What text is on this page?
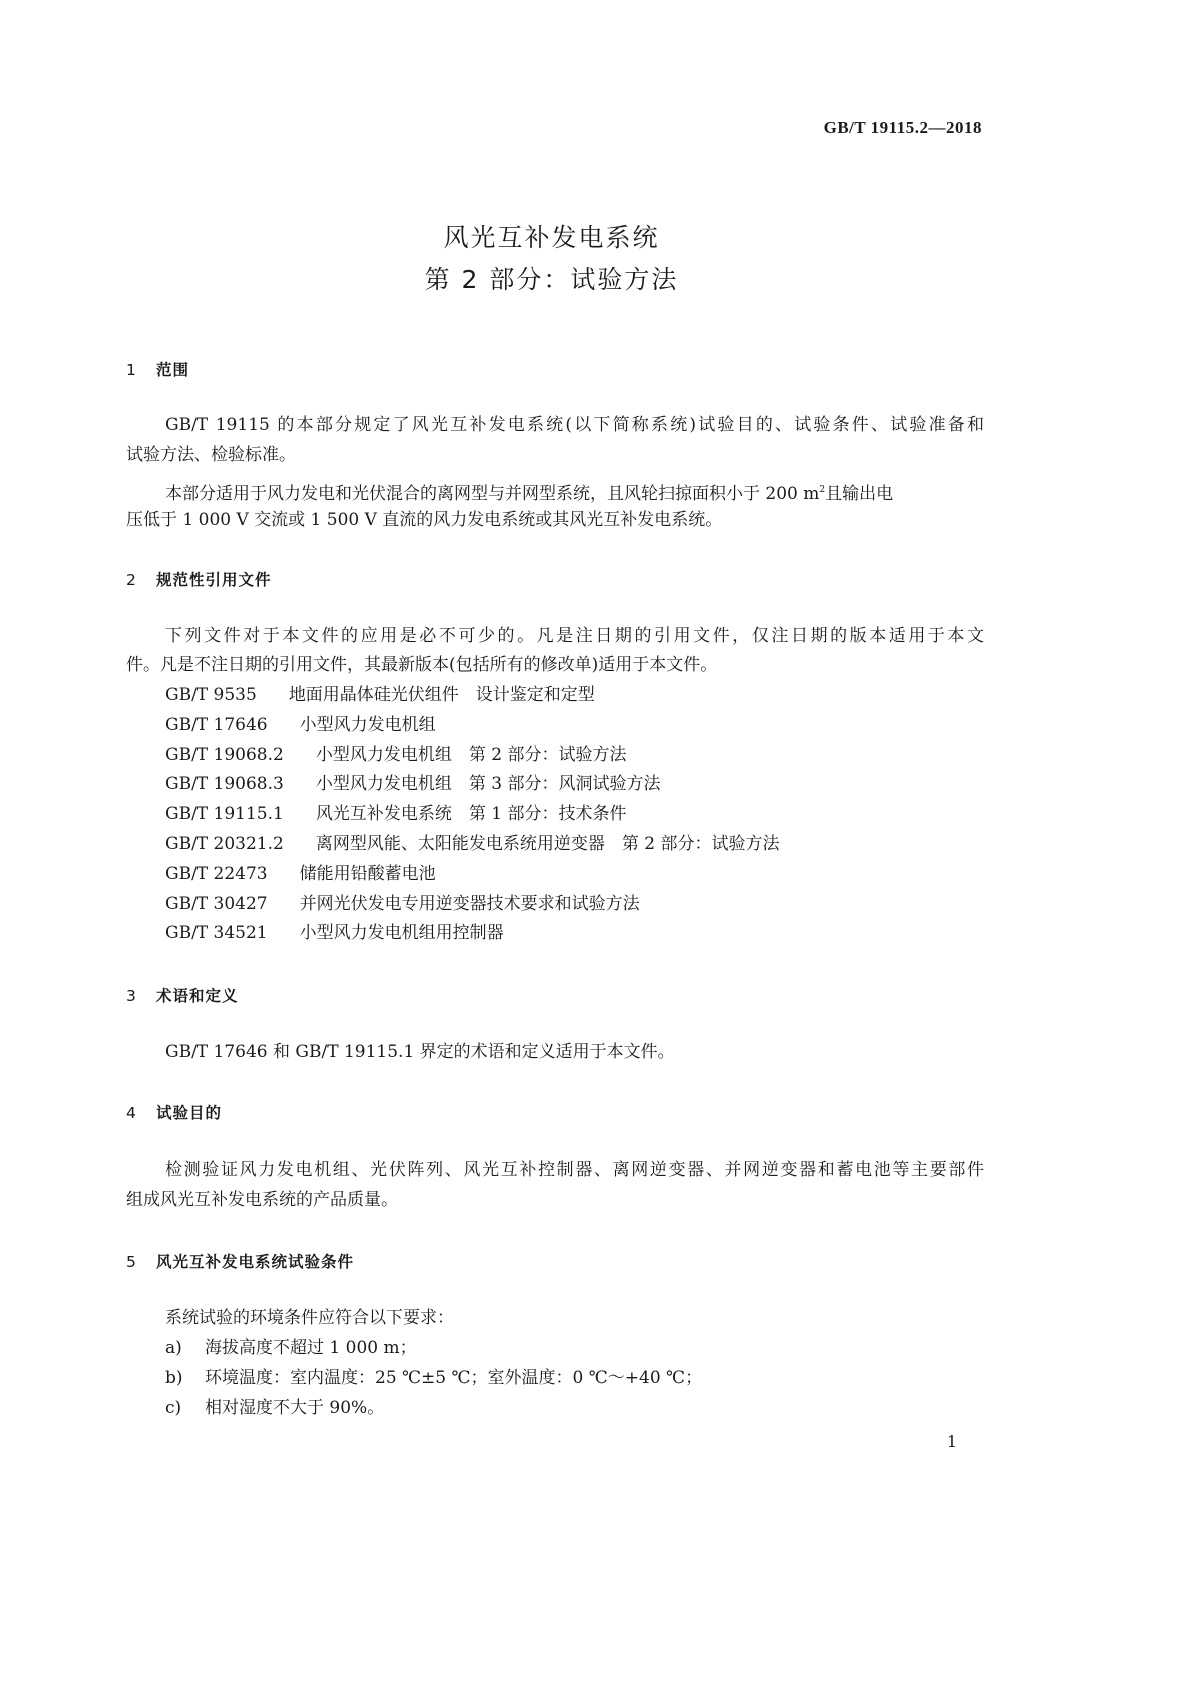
GB/T 19115.2—2018
风光互补发电系统
第 2 部分：试验方法
1 范围
GB/T 19115 的本部分规定了风光互补发电系统(以下简称系统)试验目的、试验条件、试验准备和
试验方法、检验标准。
本部分适用于风力发电和光伏混合的离网型与并网型系统，且风轮扫掠面积小于 200 $m^2$且输出电
压低于 1 000 V 交流或 1 500 V 直流的风力发电系统或其风光互补发电系统。
2 规范性引用文件
下列文件对于本文件的应用是必不可少的。凡是注日期的引用文件，仅注日期的版本适用于本文
件。凡是不注日期的引用文件，其最新版本(包括所有的修改单)适用于本文件。
GB/T 9535 地面用晶体硅光伏组件　设计鉴定和定型
GB/T 17646 小型风力发电机组
GB/T 19068.2 小型风力发电机组　第 2 部分：试验方法
GB/T 19068.3 小型风力发电机组　第 3 部分：风洞试验方法
GB/T 19115.1 风光互补发电系统　第 1 部分：技术条件
GB/T 20321.2 离网型风能、太阳能发电系统用逆变器　第 2 部分：试验方法
GB/T 22473 储能用铅酸蓄电池
GB/T 30427 并网光伏发电专用逆变器技术要求和试验方法
GB/T 34521 小型风力发电机组用控制器
3 术语和定义
GB/T 17646 和 GB/T 19115.1 界定的术语和定义适用于本文件。
4 试验目的
检测验证风力发电机组、光伏阵列、风光互补控制器、离网逆变器、并网逆变器和蓄电池等主要部件
组成风光互补发电系统的产品质量。
5 风光互补发电系统试验条件
系统试验的环境条件应符合以下要求：
a) 海拔高度不超过 1 000 m；
b) 环境温度：室内温度：25 ℃±5 ℃；室外温度：0 ℃～+40 ℃；
c) 相对湿度不大于 90%。
1
